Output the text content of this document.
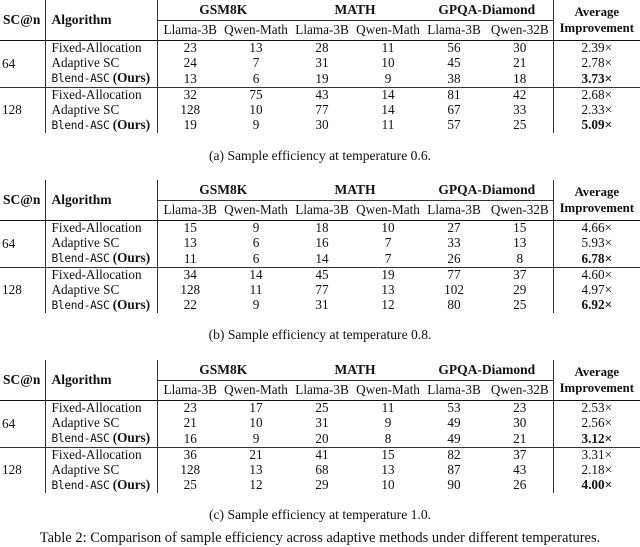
SC@n	Algorithm	GSM8K		MATH		GPQA-Diamond		Average
Improvement
		Llama-3B	Qwen-Math	Llama-3B	Qwen-Math	Llama-3B	Qwen-32B	
64	Fixed-Allocation	23	13	28	11	56	30	2.39×
	Adaptive SC	24	7	31	10	45	21	2.78×
	Blend-ASC (Ours)	13	6	19	9	38	18	3.73×
128	Fixed-Allocation	32	75	43	14	81	42	2.68×
	Adaptive SC	128	10	77	14	67	33	2.33×
	Blend-ASC (Ours)	19	9	30	11	57	25	5.09×
(a) Sample efficiency at temperature 0.6.
SC@n	Algorithm	GSM8K		MATH		GPQA-Diamond		Average
Improvement
		Llama-3B	Qwen-Math	Llama-3B	Qwen-Math	Llama-3B	Qwen-32B	
64	Fixed-Allocation	15	9	18	10	27	15	4.66×
	Adaptive SC	13	6	16	7	33	13	5.93×
	Blend-ASC (Ours)	11	6	14	7	26	8	6.78×
128	Fixed-Allocation	34	14	45	19	77	37	4.60×
	Adaptive SC	128	11	77	13	102	29	4.97×
	Blend-ASC (Ours)	22	9	31	12	80	25	6.92×
(b) Sample efficiency at temperature 0.8.
SC@n	Algorithm	GSM8K		MATH		GPQA-Diamond		Average
Improvement
		Llama-3B	Qwen-Math	Llama-3B	Qwen-Math	Llama-3B	Qwen-32B	
64	Fixed-Allocation	23	17	25	11	53	23	2.53×
	Adaptive SC	21	10	31	9	49	30	2.56×
	Blend-ASC (Ours)	16	9	20	8	49	21	3.12×
128	Fixed-Allocation	36	21	41	15	82	37	3.31×
	Adaptive SC	128	13	68	13	87	43	2.18×
	Blend-ASC (Ours)	25	12	29	10	90	26	4.00×
(c) Sample efficiency at temperature 1.0.
Table 2: Comparison of sample efficiency across adaptive methods under different temperatures.
